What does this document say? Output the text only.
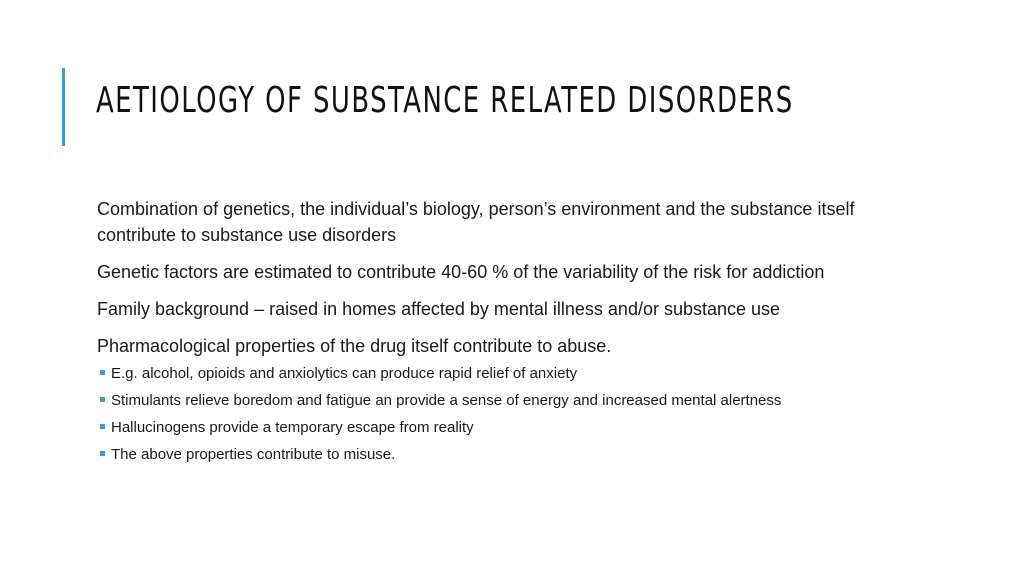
AETIOLOGY OF SUBSTANCE RELATED DISORDERS

Combination of genetics, the individual’s biology, person’s environment and the substance itself contribute to substance use disorders

Genetic factors are estimated to contribute 40-60 % of the variability of the risk for addiction

Family background – raised in homes affected by mental illness and/or substance use

Pharmacological properties of the drug itself contribute to abuse.

E.g. alcohol, opioids and anxiolytics can produce rapid relief of anxiety
Stimulants relieve boredom and fatigue an provide a sense of energy and increased mental alertness
Hallucinogens provide a temporary escape from reality
The above properties contribute to misuse.
